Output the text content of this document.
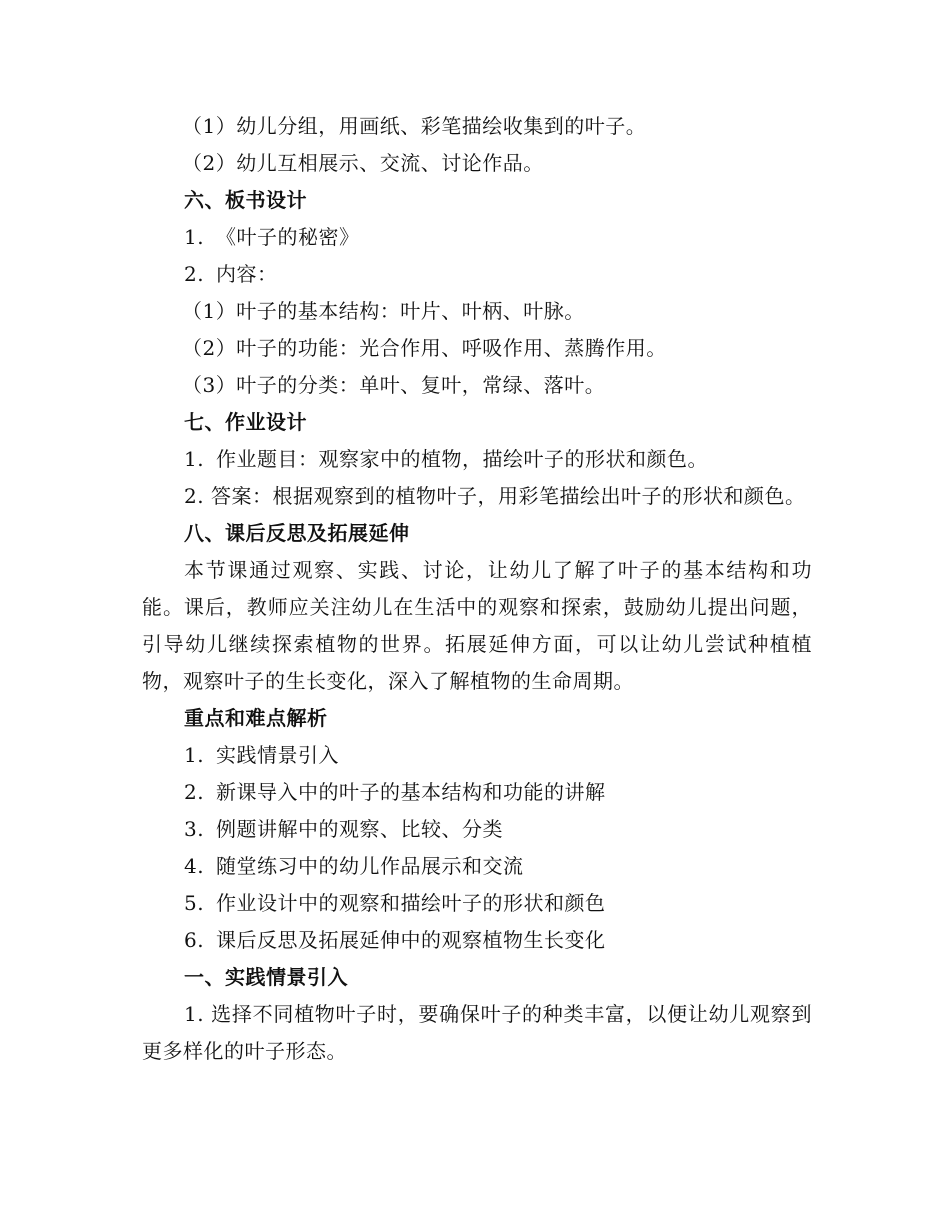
（1）幼儿分组，用画纸、彩笔描绘收集到的叶子。
（2）幼儿互相展示、交流、讨论作品。
六、板书设计
1. 《叶子的秘密》
2. 内容：
（1）叶子的基本结构：叶片、叶柄、叶脉。
（2）叶子的功能：光合作用、呼吸作用、蒸腾作用。
（3）叶子的分类：单叶、复叶，常绿、落叶。
七、作业设计
1. 作业题目：观察家中的植物，描绘叶子的形状和颜色。
2. 答案：根据观察到的植物叶子，用彩笔描绘出叶子的形状和颜色。
八、课后反思及拓展延伸
本节课通过观察、实践、讨论，让幼儿了解了叶子的基本结构和功能。课后，教师应关注幼儿在生活中的观察和探索，鼓励幼儿提出问题，引导幼儿继续探索植物的世界。拓展延伸方面，可以让幼儿尝试种植植物，观察叶子的生长变化，深入了解植物的生命周期。
重点和难点解析
1. 实践情景引入
2. 新课导入中的叶子的基本结构和功能的讲解
3. 例题讲解中的观察、比较、分类
4. 随堂练习中的幼儿作品展示和交流
5. 作业设计中的观察和描绘叶子的形状和颜色
6. 课后反思及拓展延伸中的观察植物生长变化
一、实践情景引入
1. 选择不同植物叶子时，要确保叶子的种类丰富，以便让幼儿观察到更多样化的叶子形态。
